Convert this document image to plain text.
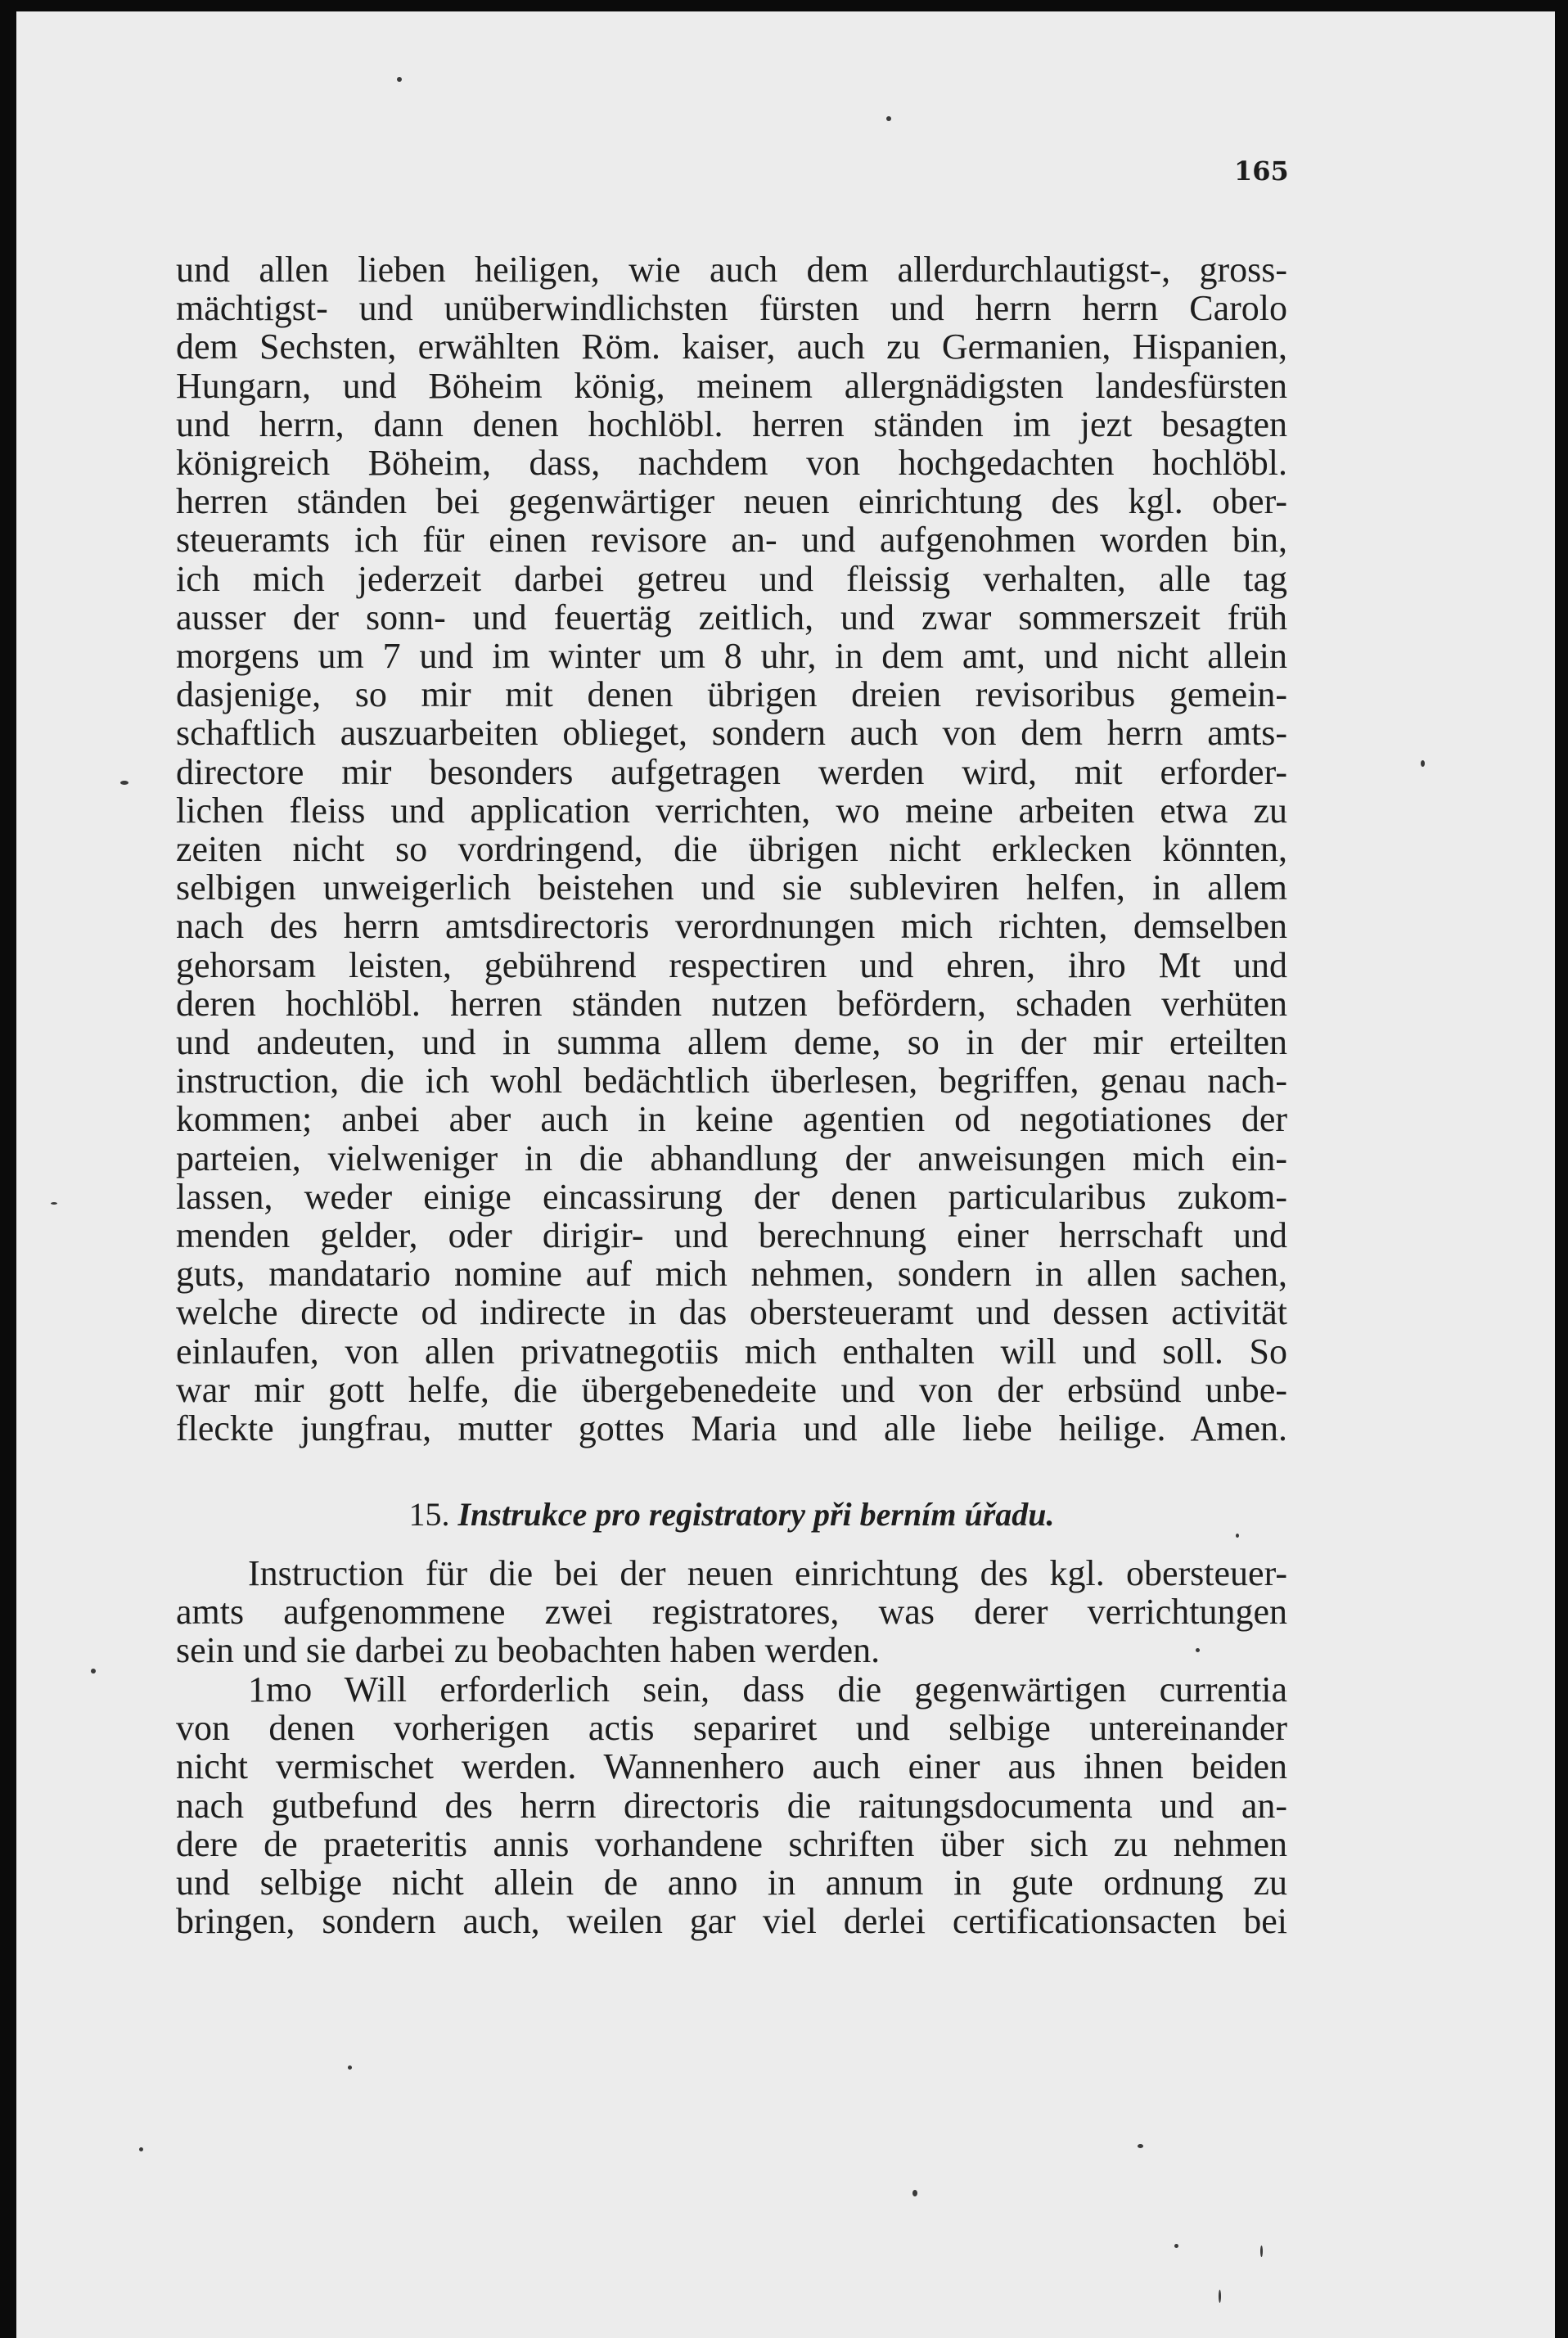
165
und allen lieben heiligen, wie auch dem allerdurchlautigst-, gross-
mächtigst- und unüberwindlichsten fürsten und herrn herrn Carolo
dem Sechsten, erwählten Röm. kaiser, auch zu Germanien, Hispanien,
Hungarn, und Böheim könig, meinem allergnädigsten landesfürsten
und herrn, dann denen hochlöbl. herren ständen im jezt besagten
königreich Böheim, dass, nachdem von hochgedachten hochlöbl.
herren ständen bei gegenwärtiger neuen einrichtung des kgl. ober-
steueramts ich für einen revisore an- und aufgenohmen worden bin,
ich mich jederzeit darbei getreu und fleissig verhalten, alle tag
ausser der sonn- und feuertäg zeitlich, und zwar sommerszeit früh
morgens um 7 und im winter um 8 uhr, in dem amt, und nicht allein
dasjenige, so mir mit denen übrigen dreien revisoribus gemein-
schaftlich auszuarbeiten oblieget, sondern auch von dem herrn amts-
directore mir besonders aufgetragen werden wird, mit erforder-
lichen fleiss und application verrichten, wo meine arbeiten etwa zu
zeiten nicht so vordringend, die übrigen nicht erklecken könnten,
selbigen unweigerlich beistehen und sie subleviren helfen, in allem
nach des herrn amtsdirectoris verordnungen mich richten, demselben
gehorsam leisten, gebührend respectiren und ehren, ihro Mt und
deren hochlöbl. herren ständen nutzen befördern, schaden verhüten
und andeuten, und in summa allem deme, so in der mir erteilten
instruction, die ich wohl bedächtlich überlesen, begriffen, genau nach-
kommen; anbei aber auch in keine agentien od negotiationes der
parteien, vielweniger in die abhandlung der anweisungen mich ein-
lassen, weder einige eincassirung der denen particularibus zukom-
menden gelder, oder dirigir- und berechnung einer herrschaft und
guts, mandatario nomine auf mich nehmen, sondern in allen sachen,
welche directe od indirecte in das obersteueramt und dessen activität
einlaufen, von allen privatnegotiis mich enthalten will und soll. So
war mir gott helfe, die übergebenedeite und von der erbsünd unbe-
fleckte jungfrau, mutter gottes Maria und alle liebe heilige. Amen.
15. Instrukce pro registratory při berním úřadu.
Instruction für die bei der neuen einrichtung des kgl. obersteuer-
amts aufgenommene zwei registratores, was derer verrichtungen
sein und sie darbei zu beobachten haben werden.
1mo Will erforderlich sein, dass die gegenwärtigen currentia
von denen vorherigen actis separiret und selbige untereinander
nicht vermischet werden. Wannenhero auch einer aus ihnen beiden
nach gutbefund des herrn directoris die raitungsdocumenta und an-
dere de praeteritis annis vorhandene schriften über sich zu nehmen
und selbige nicht allein de anno in annum in gute ordnung zu
bringen, sondern auch, weilen gar viel derlei certificationsacten bei
